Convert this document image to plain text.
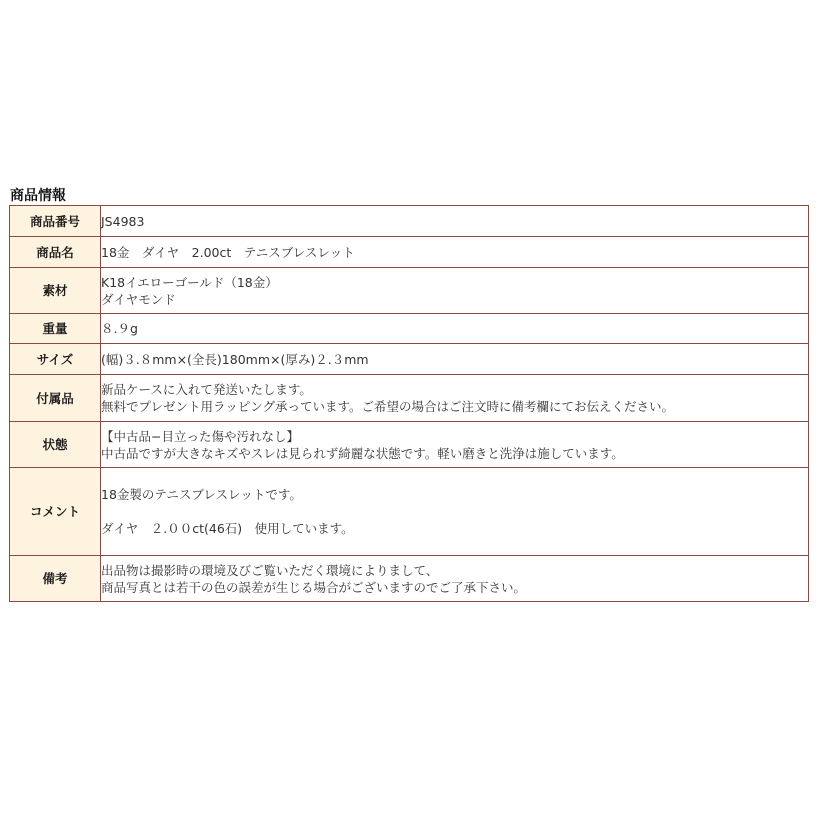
商品情報
商品番号	JS4983
商品名	18金　ダイヤ　2.00ct　テニスブレスレット
素材	K18イエローゴールド（18金）
ダイヤモンド

重量	８.９g
サイズ	(幅)３.８mm×(全長)180mm×(厚み)２.３mm
付属品	新品ケースに入れて発送いたします。
無料でプレゼント用ラッピング承っています。ご希望の場合はご注文時に備考欄にてお伝えください。

状態	【中古品−目立った傷や汚れなし】
中古品ですが大きなキズやスレは見られず綺麗な状態です。軽い磨きと洗浄は施しています。

コメント	18金製のテニスブレスレットです。
ダイヤ　２.００ct(46石)　使用しています。

備考	出品物は撮影時の環境及びご覧いただく環境によりまして、
商品写真とは若干の色の誤差が生じる場合がございますのでご了承下さい。
